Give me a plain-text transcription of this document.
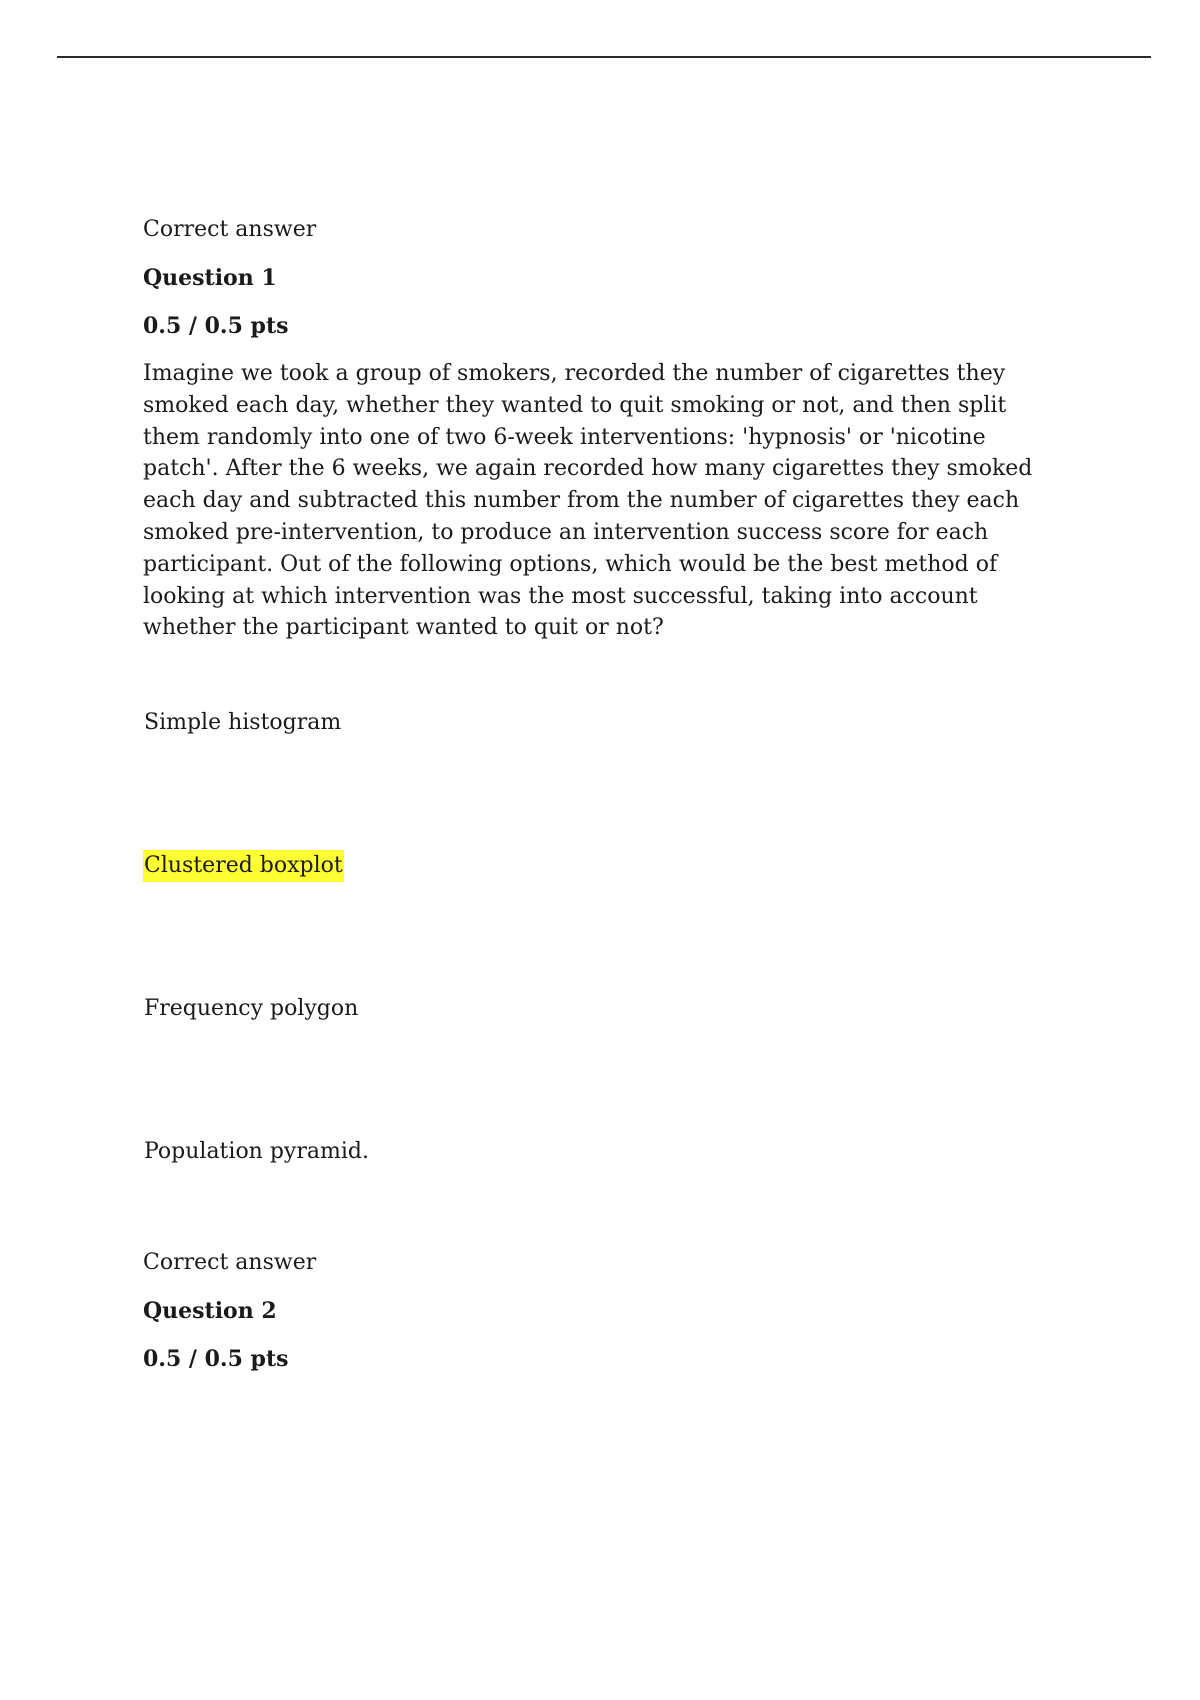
Correct answer

Question 1

0.5 / 0.5 pts

Imagine we took a group of smokers, recorded the number of cigarettes they smoked each day, whether they wanted to quit smoking or not, and then split them randomly into one of two 6-week interventions: 'hypnosis' or 'nicotine patch'. After the 6 weeks, we again recorded how many cigarettes they smoked each day and subtracted this number from the number of cigarettes they each smoked pre-intervention, to produce an intervention success score for each participant. Out of the following options, which would be the best method of looking at which intervention was the most successful, taking into account whether the participant wanted to quit or not?

Simple histogram
Clustered boxplot
Frequency polygon
Population pyramid.

Correct answer

Question 2

0.5 / 0.5 pts
